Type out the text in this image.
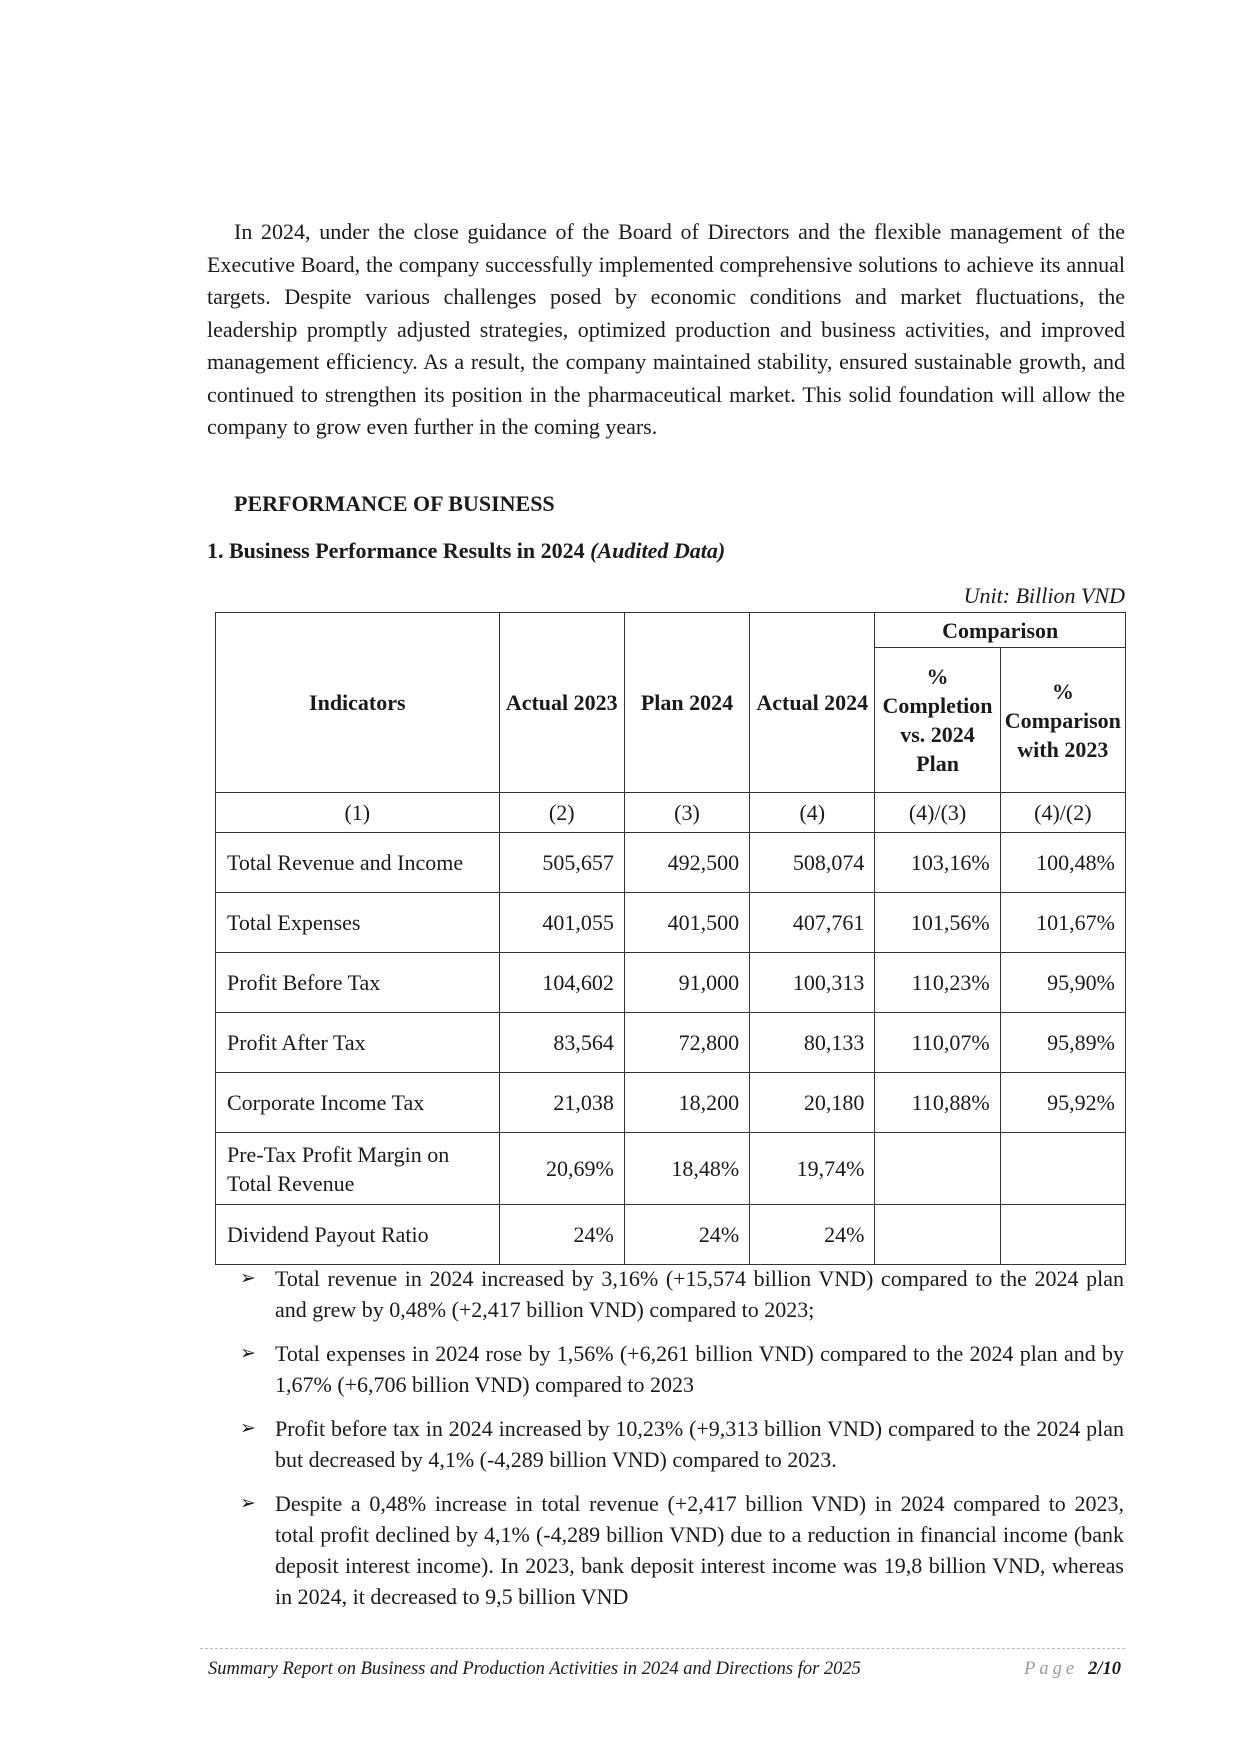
In 2024, under the close guidance of the Board of Directors and the flexible management of the Executive Board, the company successfully implemented comprehensive solutions to achieve its annual targets. Despite various challenges posed by economic conditions and market fluctuations, the leadership promptly adjusted strategies, optimized production and business activities, and improved management efficiency. As a result, the company maintained stability, ensured sustainable growth, and continued to strengthen its position in the pharmaceutical market. This solid foundation will allow the company to grow even further in the coming years.

PERFORMANCE OF BUSINESS
1. Business Performance Results in 2024 (Audited Data)

Unit: Billion VND

Indicators	Actual 2023	Plan 2024	Actual 2024	Comparison	
				% Completion vs. 2024 Plan	% Comparison with 2023
(1)	(2)	(3)	(4)	(4)/(3)	(4)/(2)
Total Revenue and Income	505,657	492,500	508,074	103,16%	100,48%
Total Expenses	401,055	401,500	407,761	101,56%	101,67%
Profit Before Tax	104,602	91,000	100,313	110,23%	95,90%
Profit After Tax	83,564	72,800	80,133	110,07%	95,89%
Corporate Income Tax	21,038	18,200	20,180	110,88%	95,92%
Pre-Tax Profit Margin on Total Revenue	20,69%	18,48%	19,74%		
Dividend Payout Ratio	24%	24%	24%		
➢ Total revenue in 2024 increased by 3,16% (+15,574 billion VND) compared to the 2024 plan and grew by 0,48% (+2,417 billion VND) compared to 2023;
➢ Total expenses in 2024 rose by 1,56% (+6,261 billion VND) compared to the 2024 plan and by 1,67% (+6,706 billion VND) compared to 2023
➢ Profit before tax in 2024 increased by 10,23% (+9,313 billion VND) compared to the 2024 plan but decreased by 4,1% (-4,289 billion VND) compared to 2023.
➢ Despite a 0,48% increase in total revenue (+2,417 billion VND) in 2024 compared to 2023, total profit declined by 4,1% (-4,289 billion VND) due to a reduction in financial income (bank deposit interest income). In 2023, bank deposit interest income was 19,8 billion VND, whereas in 2024, it decreased to 9,5 billion VND

Summary Report on Business and Production Activities in 2024 and Directions for 2025	Page 2/10
